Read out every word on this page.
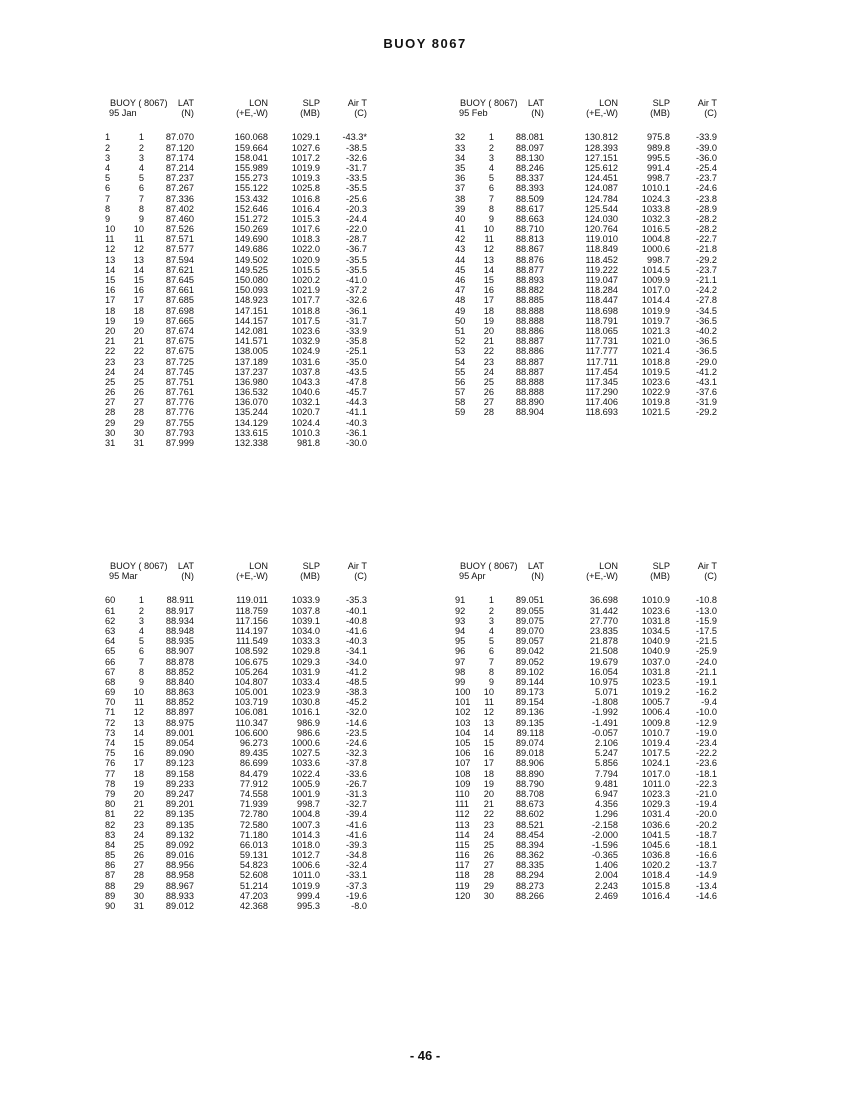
BUOY 8067
BUOY ( 8067) LAT	LON	SLP	Air T
95 Jan	(N)	(+E,-W)	(MB)	(C)
1	1 87.070	160.068	1029.1 -43.3*
2	2 87.120	159.664	1027.6	-38.5
3	3 87.174	158.041	1017.2	-32.6
4	4 87.214	155.989	1019.9	-31.7
5	5 87.237	155.273	1019.3	-33.5
6	6 87.267	155.122	1025.8	-35.5
7	7 87.336	153.432	1016.8	-25.6
8	8 87.402	152.646	1016.4	-20.3
9	9 87.460	151.272	1015.3	-24.4
10 10 87.526	150.269	1017.6	-22.0
11 11 87.571	149.690	1018.3	-28.7
12 12 87.577	149.686	1022.0	-36.7
13 13 87.594	149.502	1020.9	-35.5
14 14 87.621	149.525	1015.5	-35.5
15 15 87.645	150.080	1020.2	-41.0
16 16 87.661	150.093	1021.9	-37.2
17 17 87.685	148.923	1017.7	-32.6
18 18 87.698	147.151	1018.8	-36.1
19 19 87.665	144.157	1017.5	-31.7
20 20 87.674	142.081	1023.6	-33.9
21 21 87.675	141.571	1032.9	-35.8
22 22 87.675	138.005	1024.9	-25.1
23 23 87.725	137.189	1031.6	-35.0
24 24 87.745	137.237	1037.8	-43.5
25 25 87.751	136.980	1043.3	-47.8
26 26 87.761	136.532	1040.6	-45.7
27 27 87.776	136.070	1032.1	-44.3
28 28 87.776	135.244	1020.7	-41.1
29 29 87.755	134.129	1024.4	-40.3
30 30 87.793	133.615	1010.3	-36.1
31 31 87.999	132.338	981.8	-30.0
BUOY ( 8067) LAT	LON	SLP	Air T
95 Feb	(N)	(+E,-W)	(MB)	(C)
32	1 88.081	130.812	975.8	-33.9
33	2 88.097	128.393	989.8	-39.0
34	3 88.130	127.151	995.5	-36.0
35	4 88.246	125.612	991.4	-25.4
36	5 88.337	124.451	998.7	-23.7
37	6 88.393	124.087	1010.1	-24.6
38	7 88.509	124.784	1024.3	-23.8
39	8 88.617	125.544	1033.8	-28.9
40	9 88.663	124.030	1032.3	-28.2
41 10 88.710	120.764	1016.5	-28.2
42 11 88.813	119.010	1004.8	-22.7
43 12 88.867	118.849	1000.6	-21.8
44 13 88.876	118.452	998.7	-29.2
45 14 88.877	119.222	1014.5	-23.7
46 15 88.893	119.047	1009.9	-21.1
47 16 88.882	118.284	1017.0	-24.2
48 17 88.885	118.447	1014.4	-27.8
49 18 88.888	118.698	1019.9	-34.5
50 19 88.888	118.791	1019.7	-36.5
51 20 88.886	118.065	1021.3	-40.2
52 21 88.887	117.731	1021.0	-36.5
53 22 88.886	117.777	1021.4	-36.5
54 23 88.887	117.711	1018.8	-29.0
55 24 88.887	117.454	1019.5	-41.2
56 25 88.888	117.345	1023.6	-43.1
57 26 88.888	117.290	1022.9	-37.6
58 27 88.890	117.406	1019.8	-31.9
59 28 88.904	118.693	1021.5	-29.2
BUOY ( 8067) LAT	LON	SLP	Air T
95 Mar	(N)	(+E,-W)	(MB)	(C)
60	1 88.911	119.011	1033.9	-35.3
61	2 88.917	118.759	1037.8	-40.1
62	3 88.934	117.156	1039.1	-40.8
63	4 88.948	114.197	1034.0	-41.6
64	5 88.935	111.549	1033.3	-40.3
65	6 88.907	108.592	1029.8	-34.1
66	7 88.878	106.675	1029.3	-34.0
67	8 88.852	105.264	1031.9	-41.2
68	9 88.840	104.807	1033.4	-48.5
69 10 88.863	105.001	1023.9	-38.3
70 11 88.852	103.719	1030.8	-45.2
71 12 88.897	106.081	1016.1	-32.0
72 13 88.975	110.347	986.9	-14.6
73 14 89.001	106.600	986.6	-23.5
74 15 89.054	96.273	1000.6	-24.6
75 16 89.090	89.435	1027.5	-32.3
76 17 89.123	86.699	1033.6	-37.8
77 18 89.158	84.479	1022.4	-33.6
78 19 89.233	77.912	1005.9	-26.7
79 20 89.247	74.558	1001.9	-31.3
80 21 89.201	71.939	998.7	-32.7
81 22 89.135	72.780	1004.8	-39.4
82 23 89.135	72.580	1007.3	-41.6
83 24 89.132	71.180	1014.3	-41.6
84 25 89.092	66.013	1018.0	-39.3
85 26 89.016	59.131	1012.7	-34.8
86 27 88.956	54.823	1006.6	-32.4
87 28 88.958	52.608	1011.0	-33.1
88 29 88.967	51.214	1019.9	-37.3
89 30 88.933	47.203	999.4	-19.6
90 31 89.012	42.368	995.3	-8.0
BUOY ( 8067) LAT	LON	SLP	Air T
95 Apr	(N)	(+E,-W)	(MB)	(C)
91	1 89.051	36.698	1010.9	-10.8
92	2 89.055	31.442	1023.6	-13.0
93	3 89.075	27.770	1031.8	-15.9
94	4 89.070	23.835	1034.5	-17.5
95	5 89.057	21.878	1040.9	-21.5
96	6 89.042	21.508	1040.9	-25.9
97	7 89.052	19.679	1037.0	-24.0
98	8 89.102	16.054	1031.8	-21.1
99	9 89.144	10.975	1023.5	-19.1
100 10 89.173	5.071	1019.2	-16.2
101 11 89.154	-1.808	1005.7	-9.4
102 12 89.136	-1.992	1006.4	-10.0
103 13 89.135	-1.491	1009.8	-12.9
104 14 89.118	-0.057	1010.7	-19.0
105 15 89.074	2.106	1019.4	-23.4
106 16 89.018	5.247	1017.5	-22.2
107 17 88.906	5.856	1024.1	-23.6
108 18 88.890	7.794	1017.0	-18.1
109 19 88.790	9.481	1011.0	-22.3
110 20 88.708	6.947	1023.3	-21.0
111 21 88.673	4.356	1029.3	-19.4
112 22 88.602	1.296	1031.4	-20.0
113 23 88.521	-2.158	1036.6	-20.2
114 24 88.454	-2.000	1041.5	-18.7
115 25 88.394	-1.596	1045.6	-18.1
116 26 88.362	-0.365	1036.8	-16.6
117 27 88.335	1.406	1020.2	-13.7
118 28 88.294	2.004	1018.4	-14.9
119 29 88.273	2.243	1015.8	-13.4
120 30 88.266	2.469	1016.4	-14.6
- 46 -
